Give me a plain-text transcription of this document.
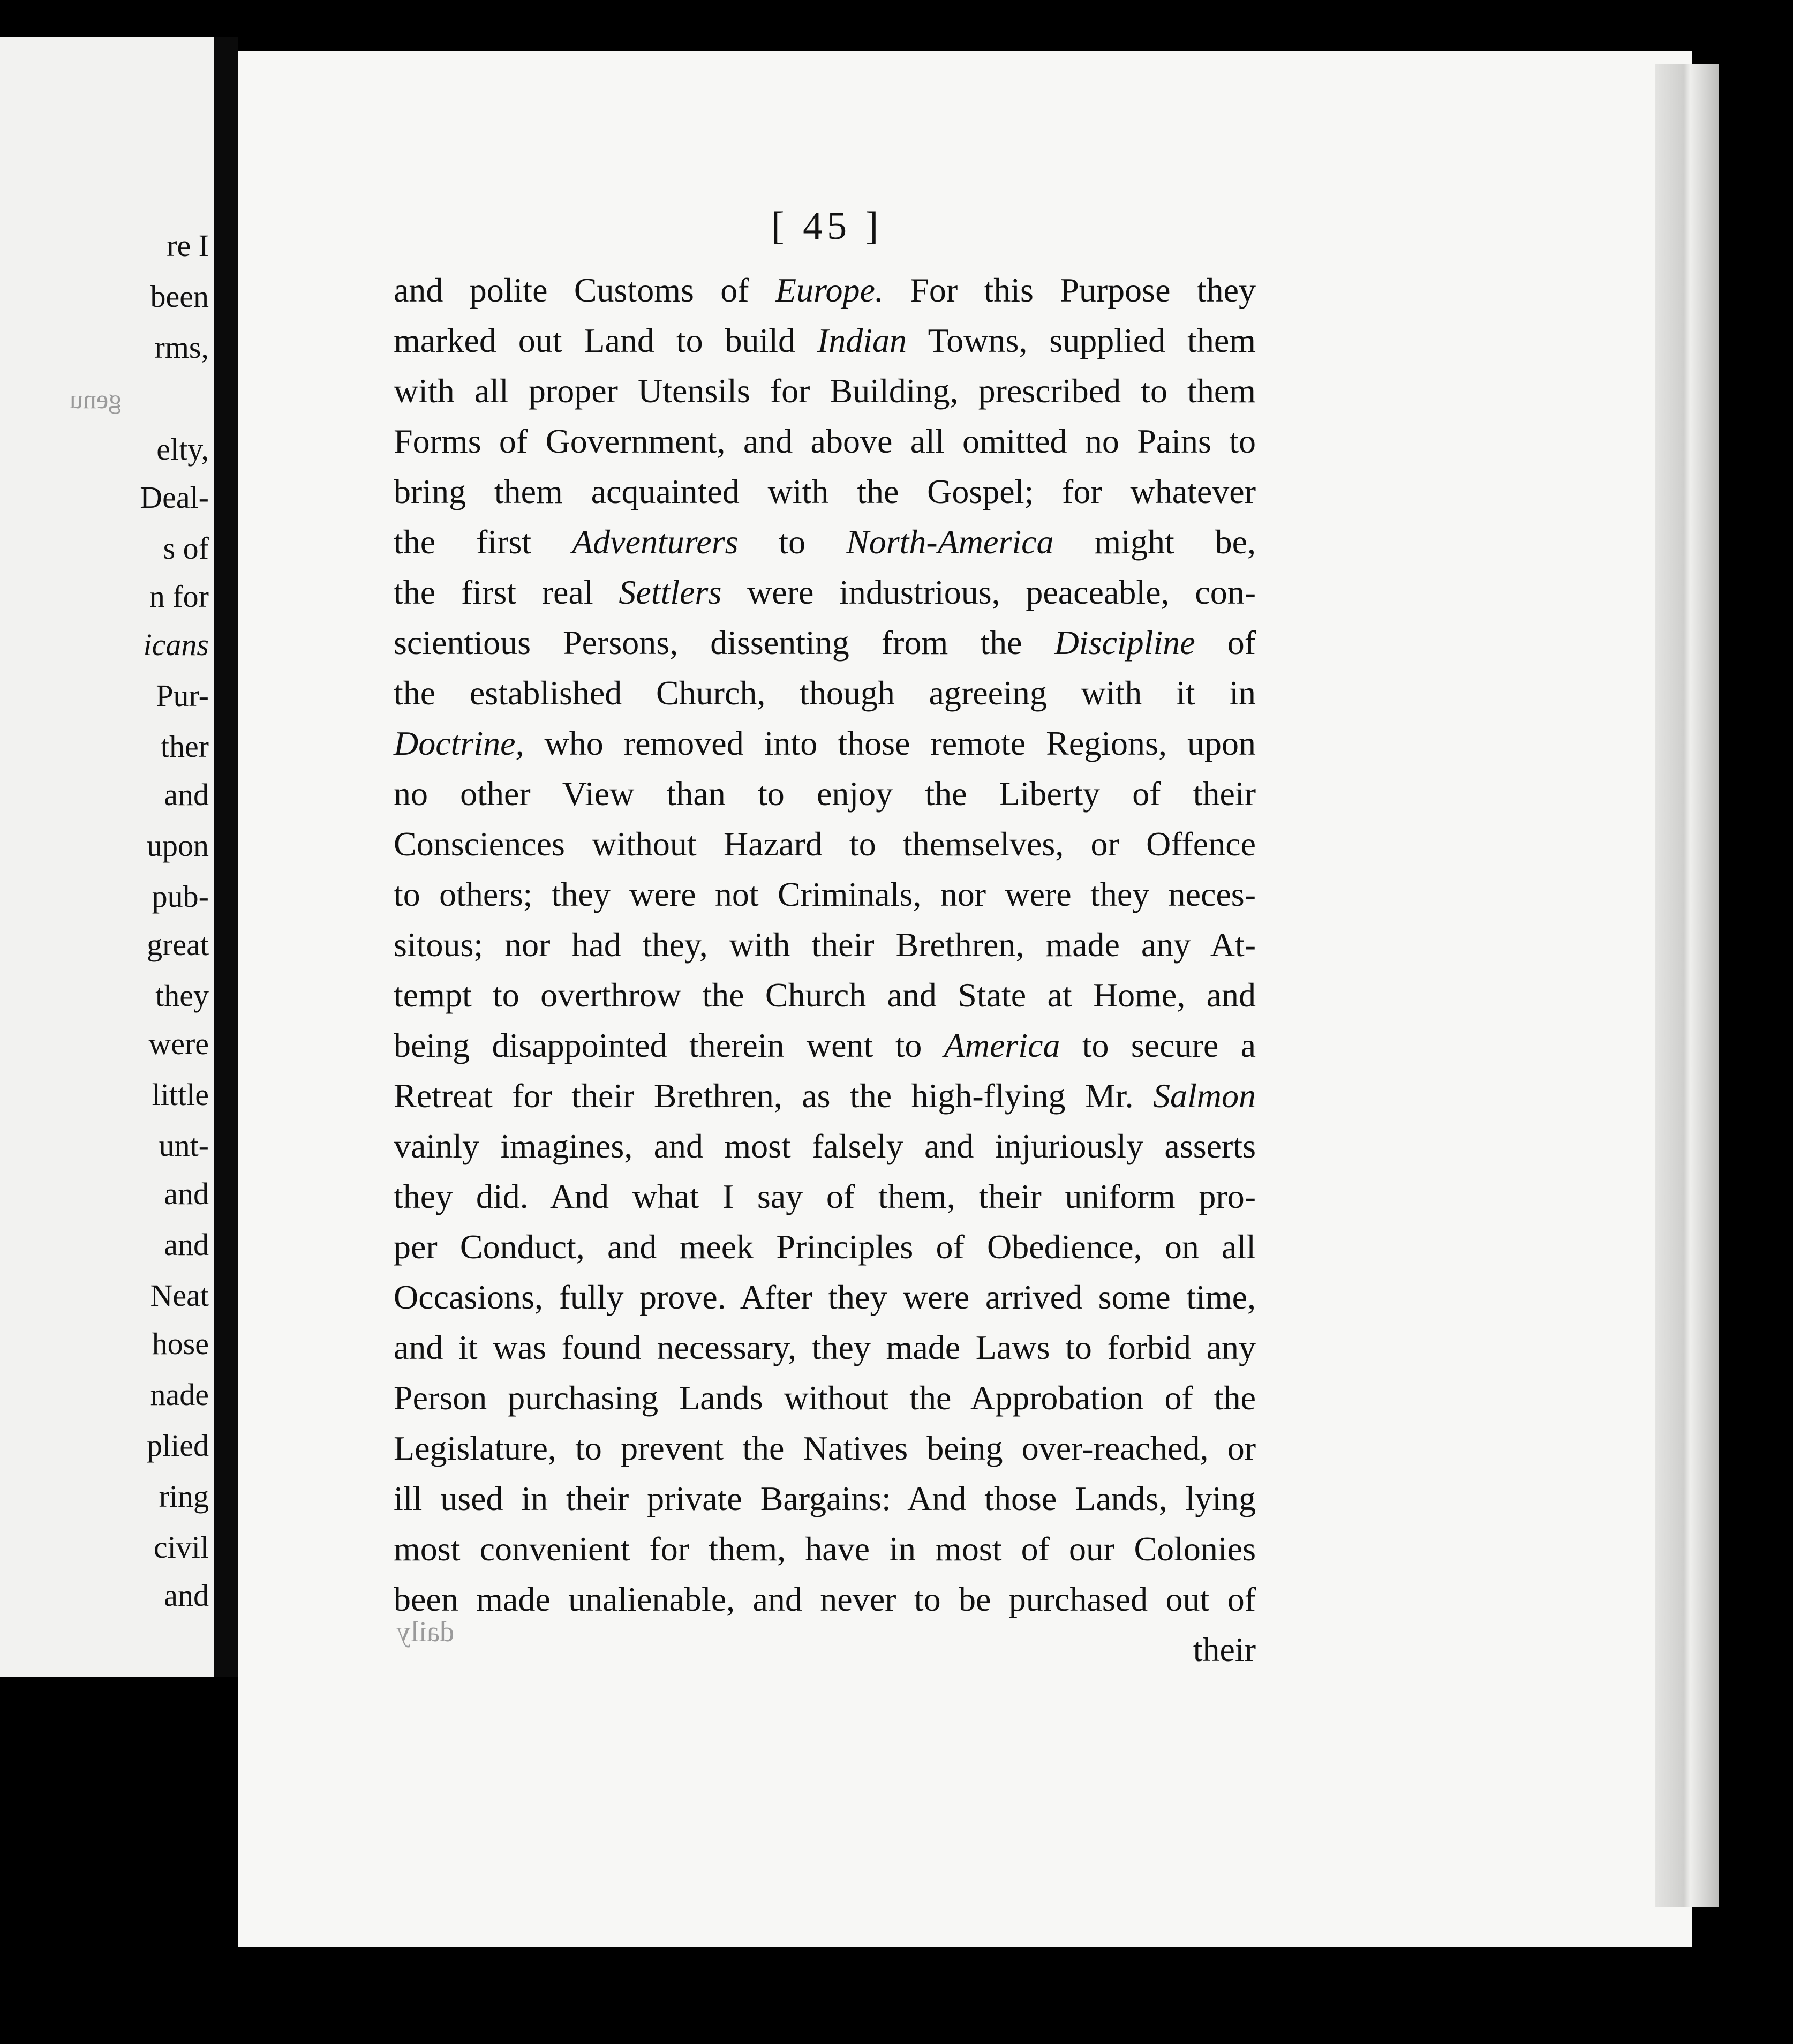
re I
been
rms,
elty,
Deal-
s of
n for
icans
Pur-
ther
and
upon
pub-
great
they
were
little
unt-
and
and
Neat
hose
nade
plied
ring
civil
and
genu
[ 45 ]
and polite Customs of Europe. For this Purpose they
marked out Land to build Indian Towns, supplied them
with all proper Utensils for Building, prescribed to them
Forms of Government, and above all omitted no Pains to
bring them acquainted with the Gospel; for whatever
the first Adventurers to North-America might be,
the first real Settlers were industrious, peaceable, con-
scientious Persons, dissenting from the Discipline of
the established Church, though agreeing with it in
Doctrine, who removed into those remote Regions, upon
no other View than to enjoy the Liberty of their
Consciences without Hazard to themselves, or Offence
to others; they were not Criminals, nor were they neces-
sitous; nor had they, with their Brethren, made any At-
tempt to overthrow the Church and State at Home, and
being disappointed therein went to America to secure a
Retreat for their Brethren, as the high-flying Mr. Salmon
vainly imagines, and most falsely and injuriously asserts
they did. And what I say of them, their uniform pro-
per Conduct, and meek Principles of Obedience, on all
Occasions, fully prove. After they were arrived some time,
and it was found necessary, they made Laws to forbid any
Person purchasing Lands without the Approbation of the
Legislature, to prevent the Natives being over-reached, or
ill used in their private Bargains: And those Lands, lying
most convenient for them, have in most of our Colonies
been made unalienable, and never to be purchased out of
their
daily
